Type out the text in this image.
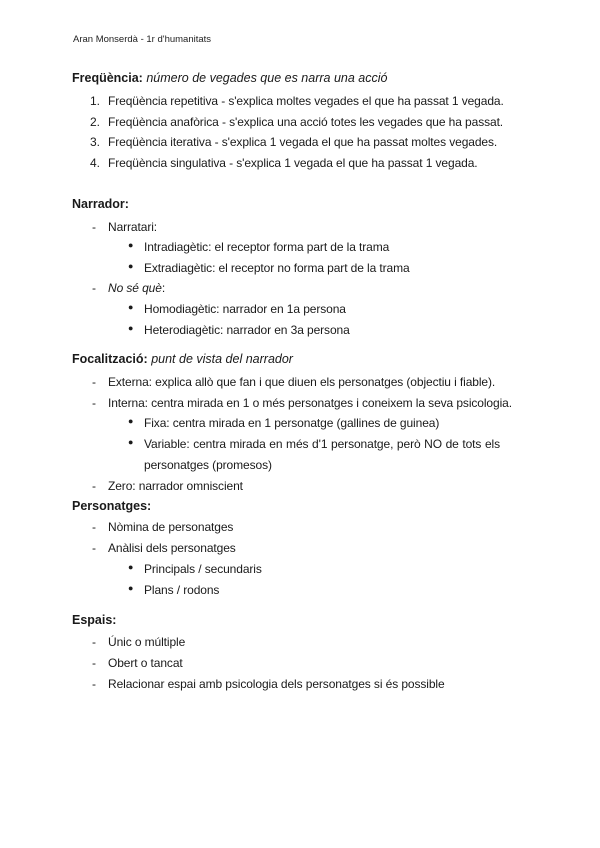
Aran Monserdà - 1r d'humanitats
Freqüència: número de vegades que es narra una acció
1. Freqüència repetitiva - s'explica moltes vegades el que ha passat 1 vegada.
2. Freqüència anafòrica - s'explica una acció totes les vegades que ha passat.
3. Freqüència iterativa - s'explica 1 vegada el que ha passat moltes vegades.
4. Freqüència singulativa - s'explica 1 vegada el que ha passat 1 vegada.
Narrador:
- Narratari:
● Intradiagètic: el receptor forma part de la trama
● Extradiagètic: el receptor no forma part de la trama
- No sé què:
● Homodiagètic: narrador en 1a persona
● Heterodiagètic: narrador en 3a persona
Focalització: punt de vista del narrador
- Externa: explica allò que fan i que diuen els personatges (objectiu i fiable).
- Interna: centra mirada en 1 o més personatges i coneixem la seva psicologia.
● Fixa: centra mirada en 1 personatge (gallines de guinea)
● Variable: centra mirada en més d'1 personatge, però NO de tots els
personatges (promesos)
- Zero: narrador omniscient
Personatges:
- Nòmina de personatges
- Anàlisi dels personatges
● Principals / secundaris
● Plans / rodons
Espais:
- Únic o múltiple
- Obert o tancat
- Relacionar espai amb psicologia dels personatges si és possible
